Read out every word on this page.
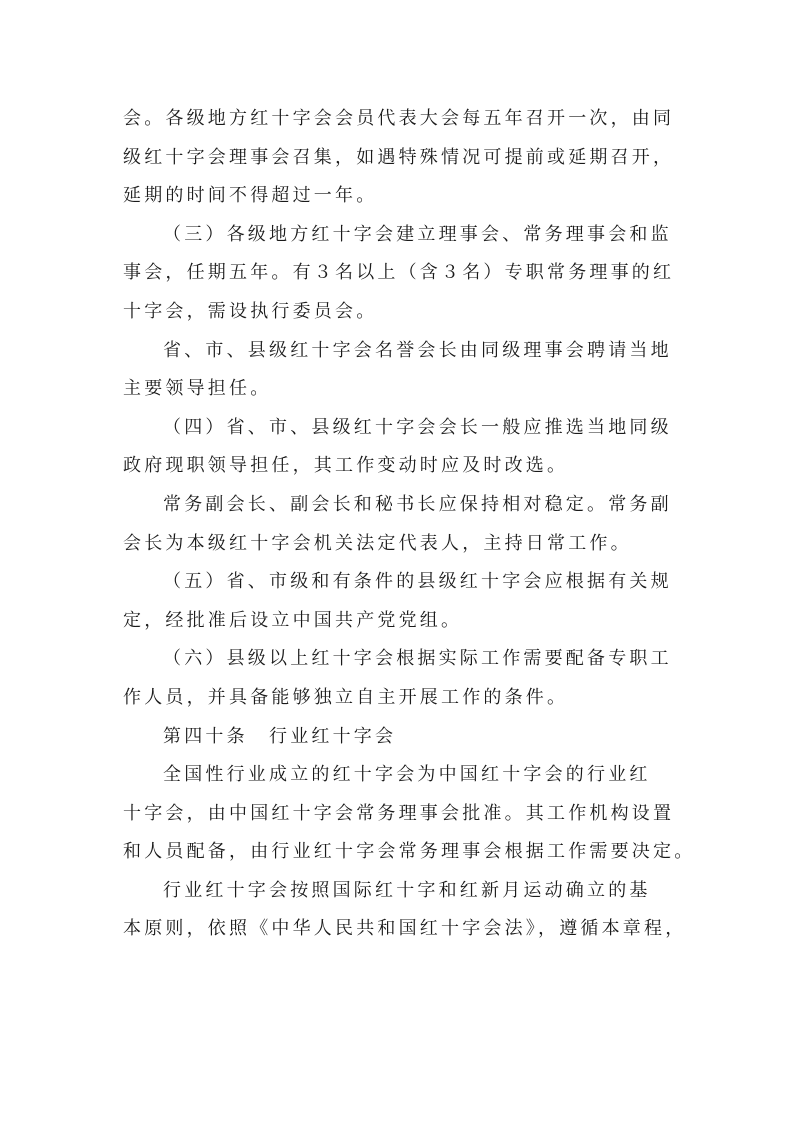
会。各级地方红十字会会员代表大会每五年召开一次，由同
级红十字会理事会召集，如遇特殊情况可提前或延期召开，
延期的时间不得超过一年。
（三）各级地方红十字会建立理事会、常务理事会和监
事会，任期五年。有３名以上（含３名）专职常务理事的红
十字会，需设执行委员会。
省、市、县级红十字会名誉会长由同级理事会聘请当地
主要领导担任。
（四）省、市、县级红十字会会长一般应推选当地同级
政府现职领导担任，其工作变动时应及时改选。
常务副会长、副会长和秘书长应保持相对稳定。常务副
会长为本级红十字会机关法定代表人，主持日常工作。
（五）省、市级和有条件的县级红十字会应根据有关规
定，经批准后设立中国共产党党组。
（六）县级以上红十字会根据实际工作需要配备专职工
作人员，并具备能够独立自主开展工作的条件。
第四十条　行业红十字会
全国性行业成立的红十字会为中国红十字会的行业红
十字会，由中国红十字会常务理事会批准。其工作机构设置
和人员配备，由行业红十字会常务理事会根据工作需要决定。
行业红十字会按照国际红十字和红新月运动确立的基
本原则，依照《中华人民共和国红十字会法》，遵循本章程，
